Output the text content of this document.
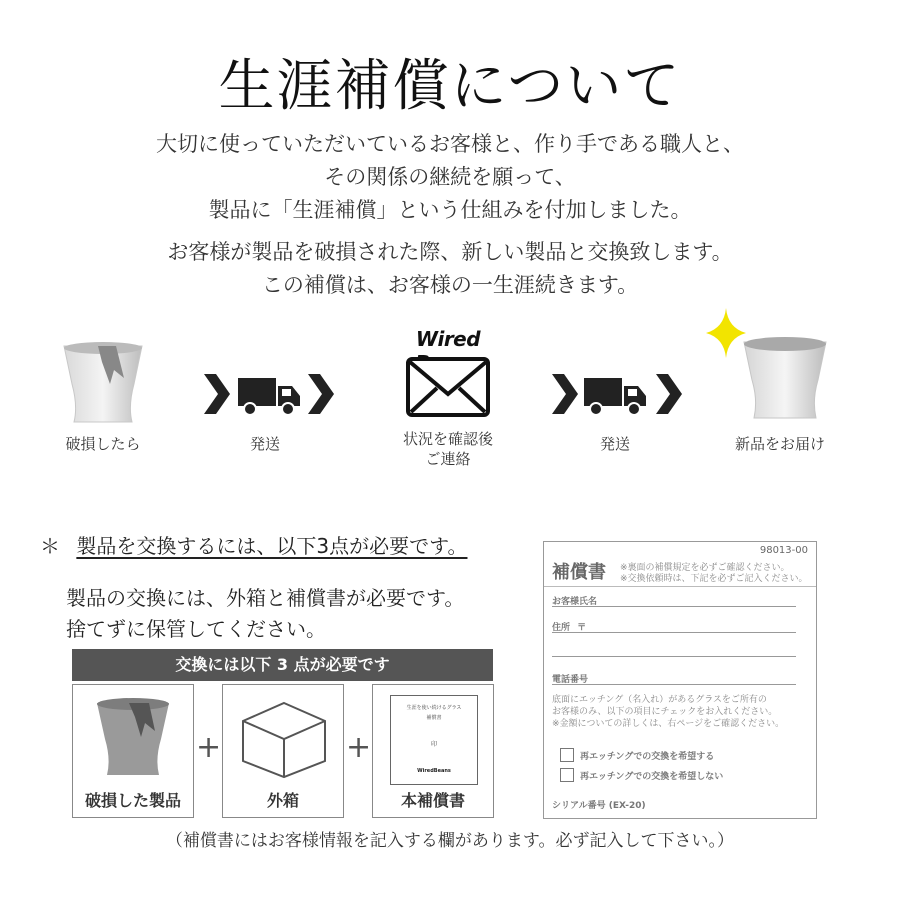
生涯補償について
大切に使っていただいているお客様と、作り手である職人と、
その関係の継続を願って、
製品に「生涯補償」という仕組みを付加しました。
お客様が製品を破損された際、新しい製品と交換致します。
この補償は、お客様の一生涯続きます。
破損したら	発送
Wired
状況を確認後
ご連絡
発送	新品をお届け
＊ 製品を交換するには、以下3点が必要です。
製品の交換には、外箱と補償書が必要です。
捨てずに保管してください。
交換には以下 3 点が必要です
破損した製品
+
外箱
+
生涯を使い続けるグラス
補償書
印
WiredBeans
本補償書
98013-00
補償書 ※裏面の補償規定を必ずご確認ください。
※交換依頼時は、下記を必ずご記入ください。
お客様氏名
住所 〒
電話番号
底面にエッチング（名入れ）があるグラスをご所有の
お客様のみ、以下の項目にチェックをお入れください。
※金額についての詳しくは、右ページをご確認ください。
再エッチングでの交換を希望する
再エッチングでの交換を希望しない
シリアル番号 (EX-20)
（補償書にはお客様情報を記入する欄があります。必ず記入して下さい。）
